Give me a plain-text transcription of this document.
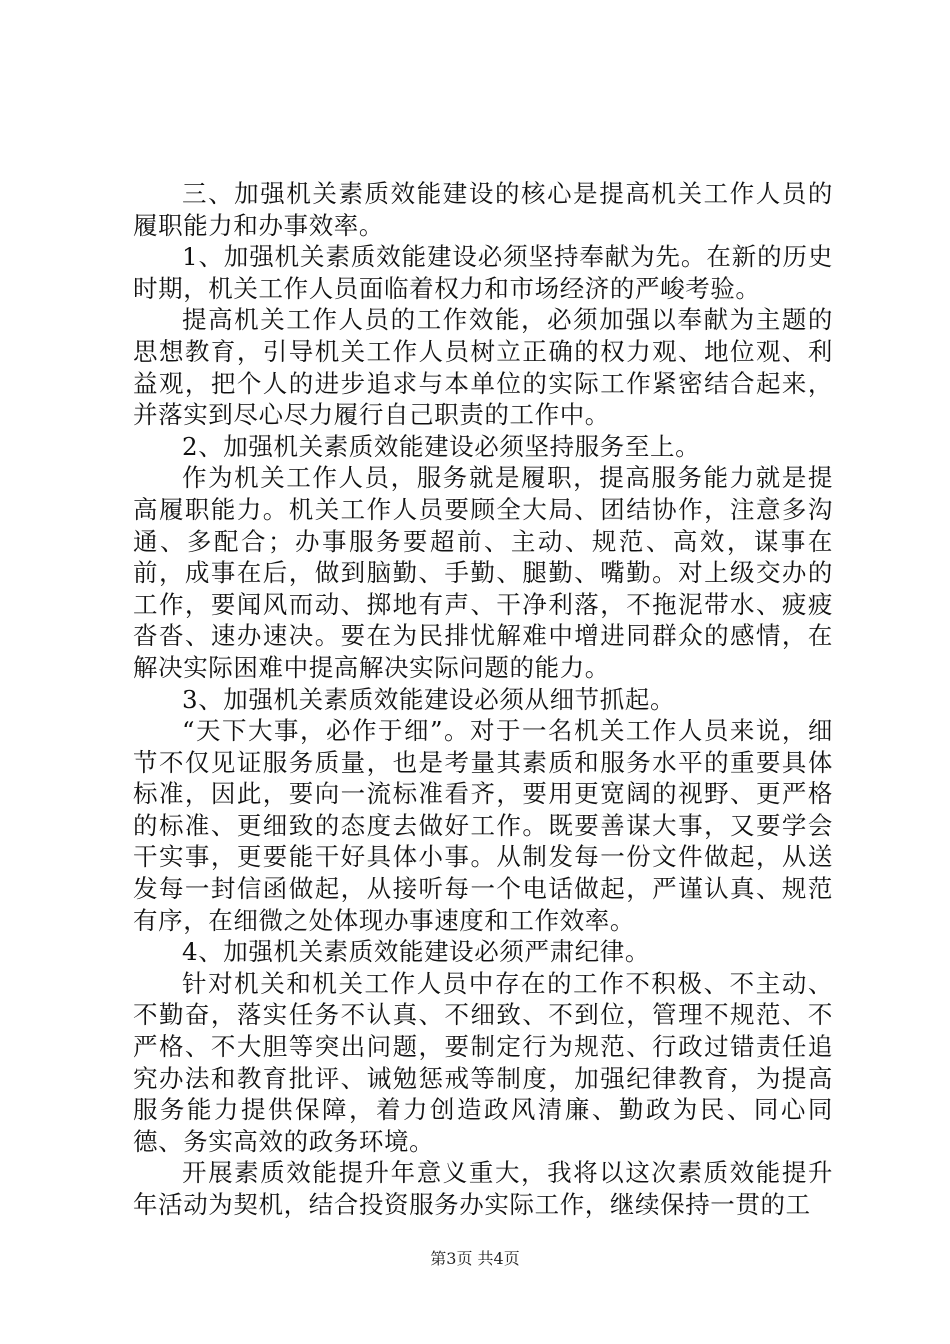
三、加强机关素质效能建设的核心是提高机关工作人员的履职能力和办事效率。

1、加强机关素质效能建设必须坚持奉献为先。在新的历史时期，机关工作人员面临着权力和市场经济的严峻考验。

提高机关工作人员的工作效能，必须加强以奉献为主题的思想教育，引导机关工作人员树立正确的权力观、地位观、利益观，把个人的进步追求与本单位的实际工作紧密结合起来，并落实到尽心尽力履行自己职责的工作中。

2、加强机关素质效能建设必须坚持服务至上。

作为机关工作人员，服务就是履职，提高服务能力就是提高履职能力。机关工作人员要顾全大局、团结协作，注意多沟通、多配合；办事服务要超前、主动、规范、高效，谋事在前，成事在后，做到脑勤、手勤、腿勤、嘴勤。对上级交办的工作，要闻风而动、掷地有声、干净利落，不拖泥带水、疲疲沓沓、速办速决。要在为民排忧解难中增进同群众的感情，在解决实际困难中提高解决实际问题的能力。

3、加强机关素质效能建设必须从细节抓起。

“天下大事，必作于细”。对于一名机关工作人员来说，细节不仅见证服务质量，也是考量其素质和服务水平的重要具体标准，因此，要向一流标准看齐，要用更宽阔的视野、更严格的标准、更细致的态度去做好工作。既要善谋大事，又要学会干实事，更要能干好具体小事。从制发每一份文件做起，从送发每一封信函做起，从接听每一个电话做起，严谨认真、规范有序，在细微之处体现办事速度和工作效率。

4、加强机关素质效能建设必须严肃纪律。

针对机关和机关工作人员中存在的工作不积极、不主动、不勤奋，落实任务不认真、不细致、不到位，管理不规范、不严格、不大胆等突出问题，要制定行为规范、行政过错责任追究办法和教育批评、诫勉惩戒等制度，加强纪律教育，为提高服务能力提供保障，着力创造政风清廉、勤政为民、同心同德、务实高效的政务环境。

开展素质效能提升年意义重大，我将以这次素质效能提升年活动为契机，结合投资服务办实际工作，继续保持一贯的工

第3页 共4页
